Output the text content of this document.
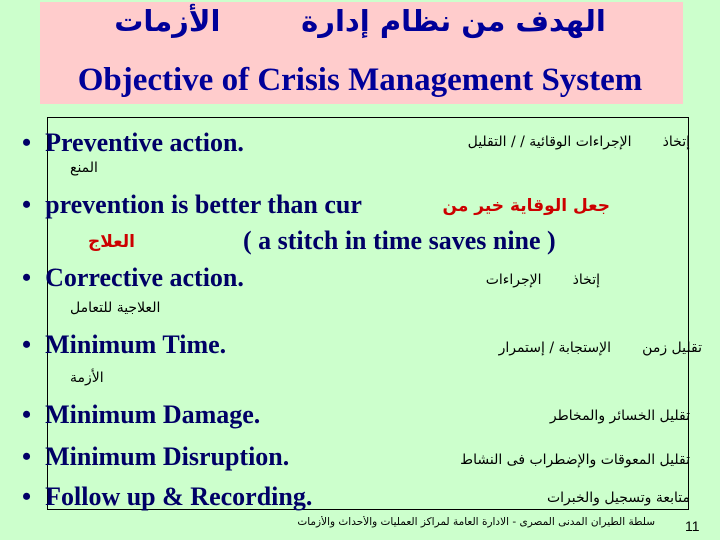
الهدف من نظام إدارة        الأزمات
Objective of Crisis Management System
• Preventive action.	إتخاذ       الإجراءات الوقائية / / التقليل
المنع
• prevention is better than cur	جعل الوقاية خير من
العلاج	( a stitch in time saves nine )
• Corrective action.	إتخاذ       الإجراءات
العلاجية للتعامل
• Minimum Time.	تقليل زمن       الإستجابة / إستمرار
الأزمة
• Minimum Damage.	تقليل الخسائر والمخاطر
• Minimum Disruption.	تقليل المعوقات والإضطراب فى النشاط
• Follow up & Recording.	متابعة وتسجيل والخبرات
سلطة الطيران المدنى المصرى - الادارة العامة لمراكز العمليات والأحداث والأزمات 11
